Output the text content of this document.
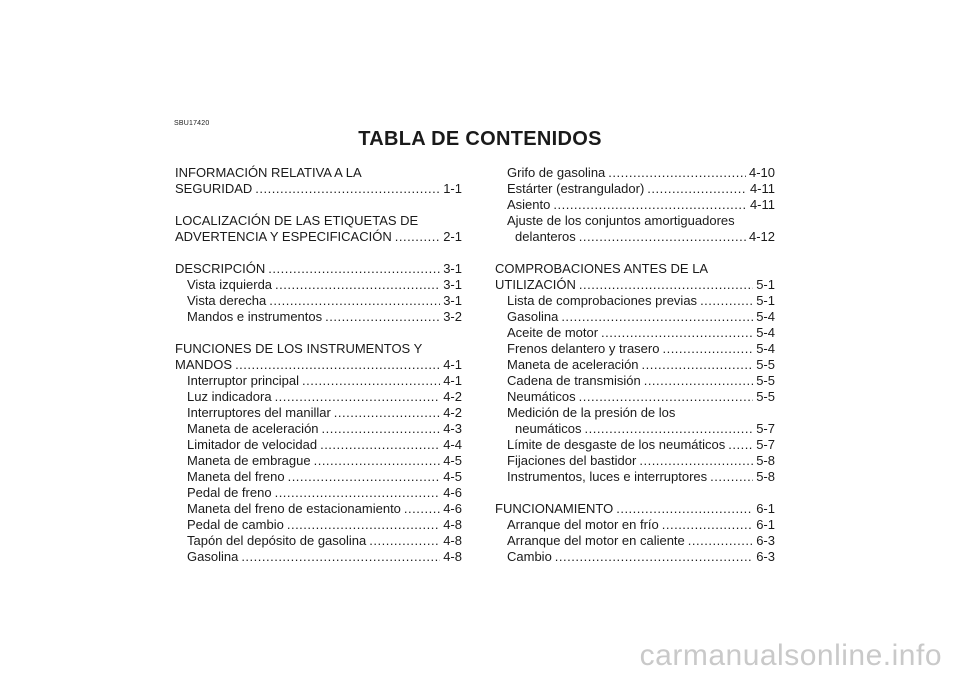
SBU17420
TABLA DE CONTENIDOS
INFORMACIÓN RELATIVA A LA
SEGURIDAD .....	1-1
LOCALIZACIÓN DE LAS ETIQUETAS DE
ADVERTENCIA Y ESPECIFICACIÓN .....	2-1
DESCRIPCIÓN .....	3-1
Vista izquierda .....	3-1
Vista derecha .....	3-1
Mandos e instrumentos .....	3-2
FUNCIONES DE LOS INSTRUMENTOS Y
MANDOS .....	4-1
Interruptor principal .....	4-1
Luz indicadora .....	4-2
Interruptores del manillar .....	4-2
Maneta de aceleración .....	4-3
Limitador de velocidad .....	4-4
Maneta de embrague .....	4-5
Maneta del freno .....	4-5
Pedal de freno .....	4-6
Maneta del freno de estacionamiento .....	4-6
Pedal de cambio .....	4-8
Tapón del depósito de gasolina .....	4-8
Gasolina .....	4-8
Grifo de gasolina .....	4-10
Estárter (estrangulador) .....	4-11
Asiento .....	4-11
Ajuste de los conjuntos amortiguadores
delanteros .....	4-12
COMPROBACIONES ANTES DE LA
UTILIZACIÓN .....	5-1
Lista de comprobaciones previas .....	5-1
Gasolina .....	5-4
Aceite de motor .....	5-4
Frenos delantero y trasero .....	5-4
Maneta de aceleración .....	5-5
Cadena de transmisión .....	5-5
Neumáticos .....	5-5
Medición de la presión de los
neumáticos .....	5-7
Límite de desgaste de los neumáticos ..... 5-7
Fijaciones del bastidor .....	5-8
Instrumentos, luces e interruptores .....	5-8
FUNCIONAMIENTO .....	6-1
Arranque del motor en frío .....	6-1
Arranque del motor en caliente .....	6-3
Cambio .....	6-3
carmanualsonline.info
